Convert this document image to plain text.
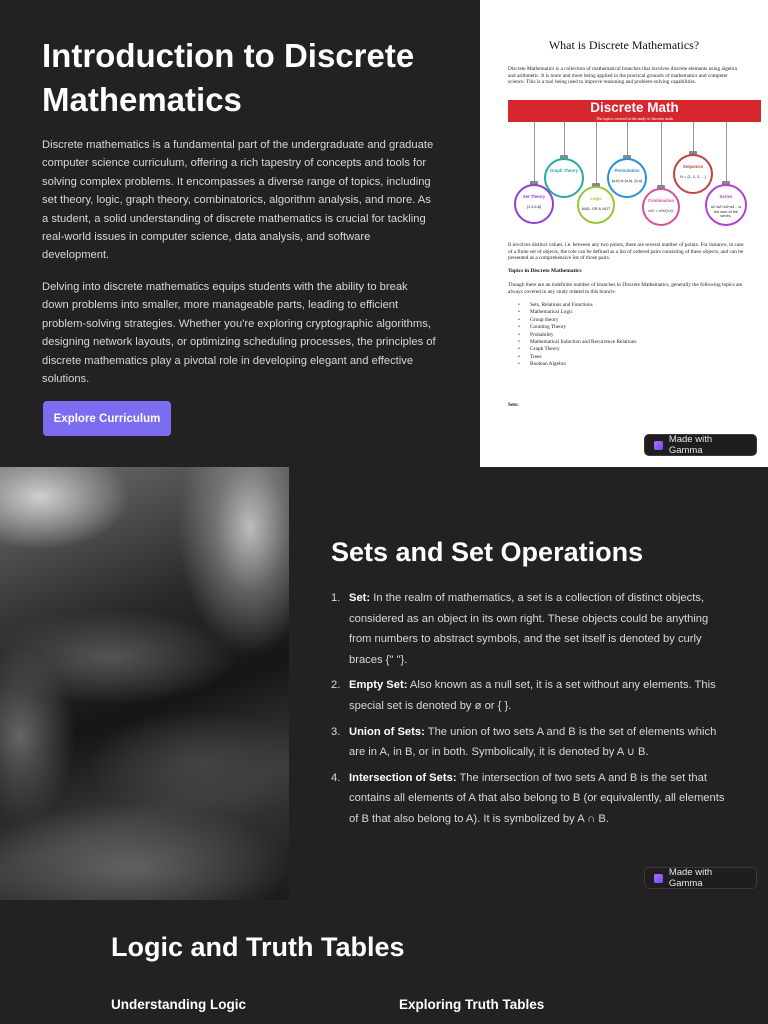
Introduction to Discrete Mathematics

Discrete mathematics is a fundamental part of the undergraduate and graduate computer science curriculum, offering a rich tapestry of concepts and tools for solving complex problems. It encompasses a diverse range of topics, including set theory, logic, graph theory, combinatorics, algorithm analysis, and more. As a student, a solid understanding of discrete mathematics is crucial for tackling real-world issues in computer science, data analysis, and software development.

Delving into discrete mathematics equips students with the ability to break down problems into smaller, more manageable parts, leading to efficient problem-solving strategies. Whether you're exploring cryptographic algorithms, designing network layouts, or optimizing scheduling processes, the principles of discrete mathematics play a pivotal role in developing elegant and effective solutions.

Explore Curriculum
What is Discrete Mathematics?
Discrete Mathematics is a collection of mathematical branches that involves discrete elements using algebra and arithmetic. It is more and more being applied in the practical grounds of mathematics and computer science. This is a tool being used to improve reasoning and problem-solving capabilities.
Discrete Math
The topics covered in the study of discrete math
Set Theory
{2,4,6,8}
Graph Theory
Logic
AND, OR & NOT
Permutation
(a,b) is (a,b), (b,a)
Combination
nCr = n!/r!(n-r)!
Sequence
N = {1, 2, 3, ...}
Series
a1+a2+a3+a4... is the sum of the series.

It involves distinct values, i.e. between any two points, there are several number of points. For instance, in case of a finite set of objects, the role can be defined as a list of ordered pairs consisting of these objects, and can be presented as a comprehensive list of those pairs.

Topics in Discrete Mathematics

Though there are an indefinite number of branches in Discrete Mathematics, generally the following topics are always covered in any study related to this branch-

• Sets, Relations and Functions
• Mathematical Logic
• Group theory
• Counting Theory
• Probability
• Mathematical Induction and Recurrence Relations
• Graph Theory
• Trees
• Boolean Algebra
Sets:
Made with Gamma
Sets and Set Operations
1. Set: In the realm of mathematics, a set is a collection of distinct objects, considered as an object in its own right. These objects could be anything from numbers to abstract symbols, and the set itself is denoted by curly braces {" "}.
2. Empty Set: Also known as a null set, it is a set without any elements. This special set is denoted by ø or { }.
3. Union of Sets: The union of two sets A and B is the set of elements which are in A, in B, or in both. Symbolically, it is denoted by A ∪ B.
4. Intersection of Sets: The intersection of two sets A and B is the set that contains all elements of A that also belong to B (or equivalently, all elements of B that also belong to A). It is symbolized by A ∩ B.
Made with Gamma
Logic and Truth Tables
Understanding Logic	Exploring Truth Tables
